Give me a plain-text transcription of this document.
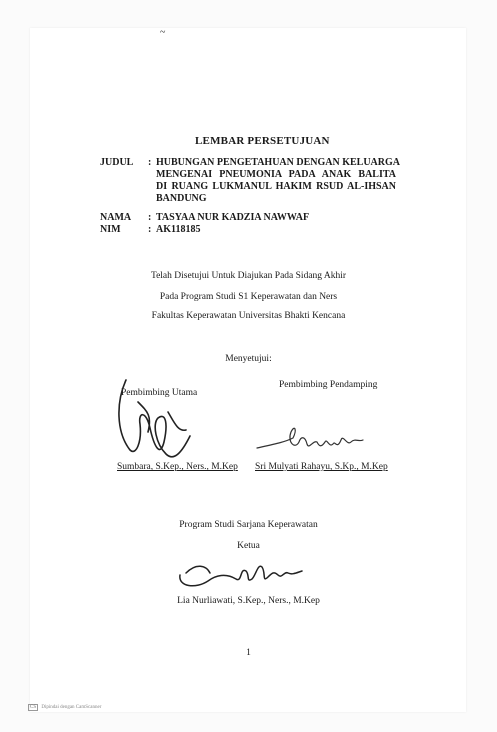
~
LEMBAR PERSETUJUAN
JUDUL : HUBUNGAN PENGETAHUAN DENGAN KELUARGA
MENGENAI PNEUMONIA PADA ANAK BALITA
DI RUANG LUKMANUL HAKIM RSUD AL-IHSAN
BANDUNG
NAMA : TASYAA NUR KADZIA NAWWAF
NIM	: AK118185
Telah Disetujui Untuk Diajukan Pada Sidang Akhir
Pada Program Studi S1 Keperawatan dan Ners
Fakultas Keperawatan Universitas Bhakti Kencana
Menyetujui:
Pembimbing Utama
Pembimbing Pendamping
Sumbara, S.Kep., Ners., M.Kep Sri Mulyati Rahayu, S.Kp., M.Kep
Program Studi Sarjana Keperawatan
Ketua
Lia Nurliawati, S.Kep., Ners., M.Kep
1
CS Dipindai dengan CamScanner
